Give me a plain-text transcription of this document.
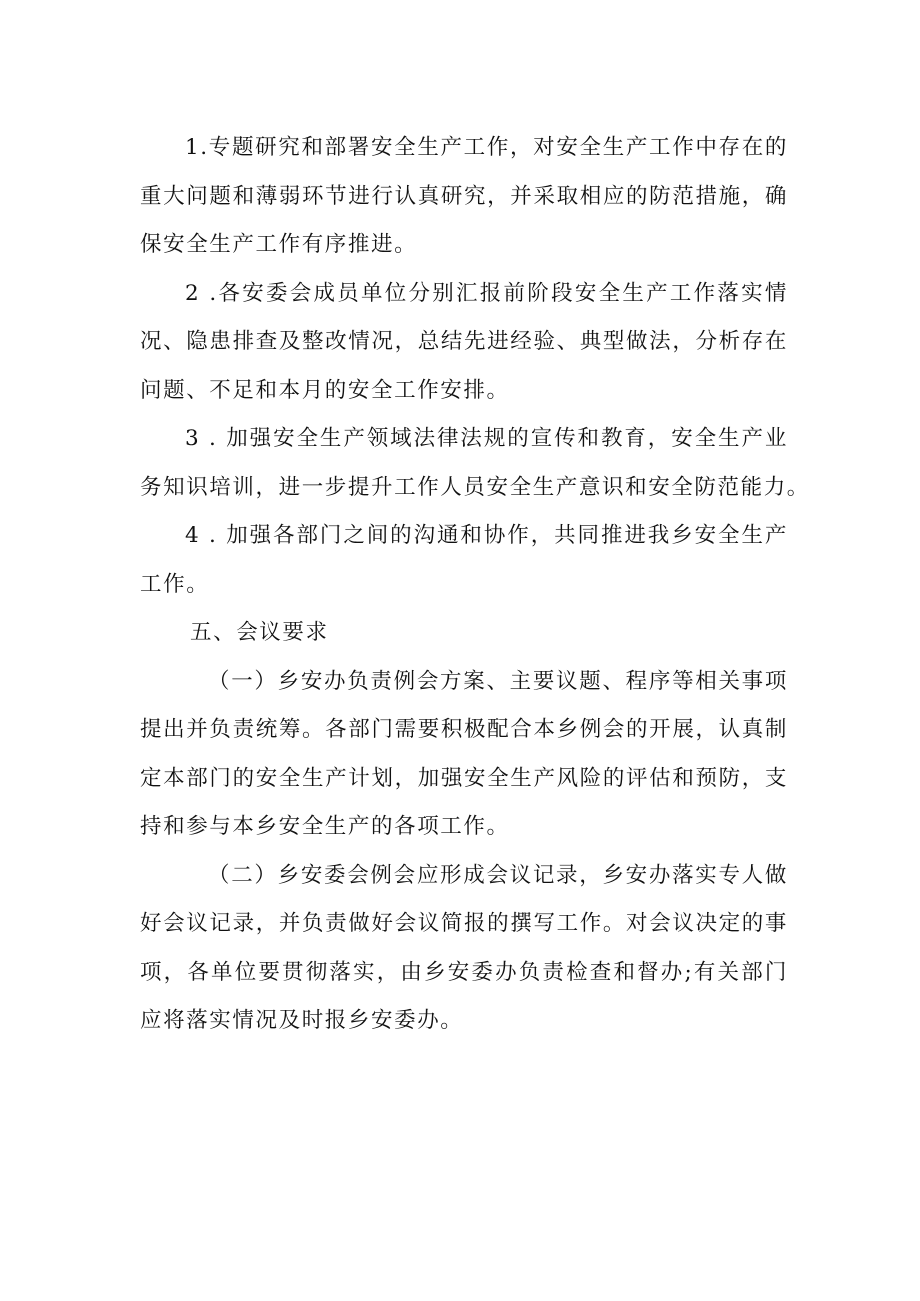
1.专题研究和部署安全生产工作，对安全生产工作中存在的
重大问题和薄弱环节进行认真研究，并采取相应的防范措施，确
保安全生产工作有序推进。
2 .各安委会成员单位分别汇报前阶段安全生产工作落实情
况、隐患排查及整改情况，总结先进经验、典型做法，分析存在
问题、不足和本月的安全工作安排。
3 . 加强安全生产领域法律法规的宣传和教育，安全生产业
务知识培训，进一步提升工作人员安全生产意识和安全防范能力。
4 . 加强各部门之间的沟通和协作，共同推进我乡安全生产
工作。
五、会议要求
（一）乡安办负责例会方案、主要议题、程序等相关事项
提出并负责统筹。各部门需要积极配合本乡例会的开展，认真制
定本部门的安全生产计划，加强安全生产风险的评估和预防，支
持和参与本乡安全生产的各项工作。
（二）乡安委会例会应形成会议记录，乡安办落实专人做
好会议记录，并负责做好会议简报的撰写工作。对会议决定的事
项，各单位要贯彻落实，由乡安委办负责检查和督办;有关部门
应将落实情况及时报乡安委办。
